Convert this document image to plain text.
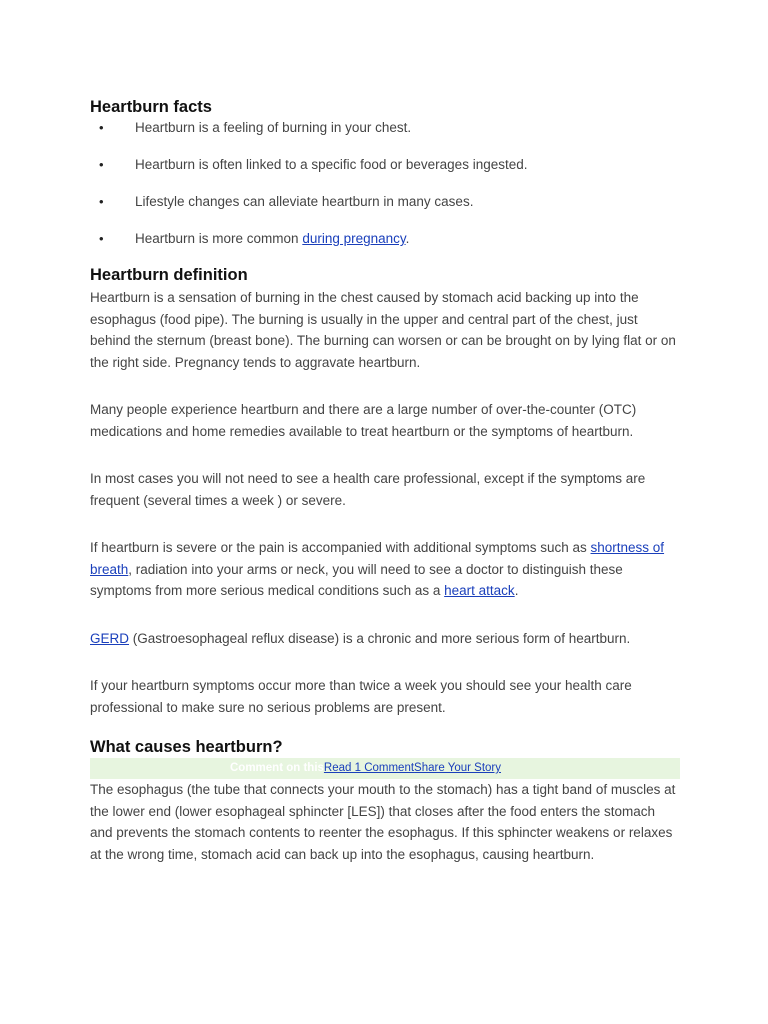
Heartburn facts
• Heartburn is a feeling of burning in your chest.
• Heartburn is often linked to a specific food or beverages ingested.
• Lifestyle changes can alleviate heartburn in many cases.
• Heartburn is more common during pregnancy.
Heartburn definition

Heartburn is a sensation of burning in the chest caused by stomach acid backing up into the esophagus (food pipe). The burning is usually in the upper and central part of the chest, just behind the sternum (breast bone). The burning can worsen or can be brought on by lying flat or on the right side. Pregnancy tends to aggravate heartburn.

Many people experience heartburn and there are a large number of over-the-counter (OTC) medications and home remedies available to treat heartburn or the symptoms of heartburn.

In most cases you will not need to see a health care professional, except if the symptoms are frequent (several times a week ) or severe.

If heartburn is severe or the pain is accompanied with additional symptoms such as shortness of breath, radiation into your arms or neck, you will need to see a doctor to distinguish these symptoms from more serious medical conditions such as a heart attack.

GERD (Gastroesophageal reflux disease) is a chronic and more serious form of heartburn.

If your heartburn symptoms occur more than twice a week you should see your health care professional to make sure no serious problems are present.

What causes heartburn?
Comment on thisRead 1 CommentShare Your Story

The esophagus (the tube that connects your mouth to the stomach) has a tight band of muscles at the lower end (lower esophageal sphincter [LES]) that closes after the food enters the stomach and prevents the stomach contents to reenter the esophagus. If this sphincter weakens or relaxes at the wrong time, stomach acid can back up into the esophagus, causing heartburn.
